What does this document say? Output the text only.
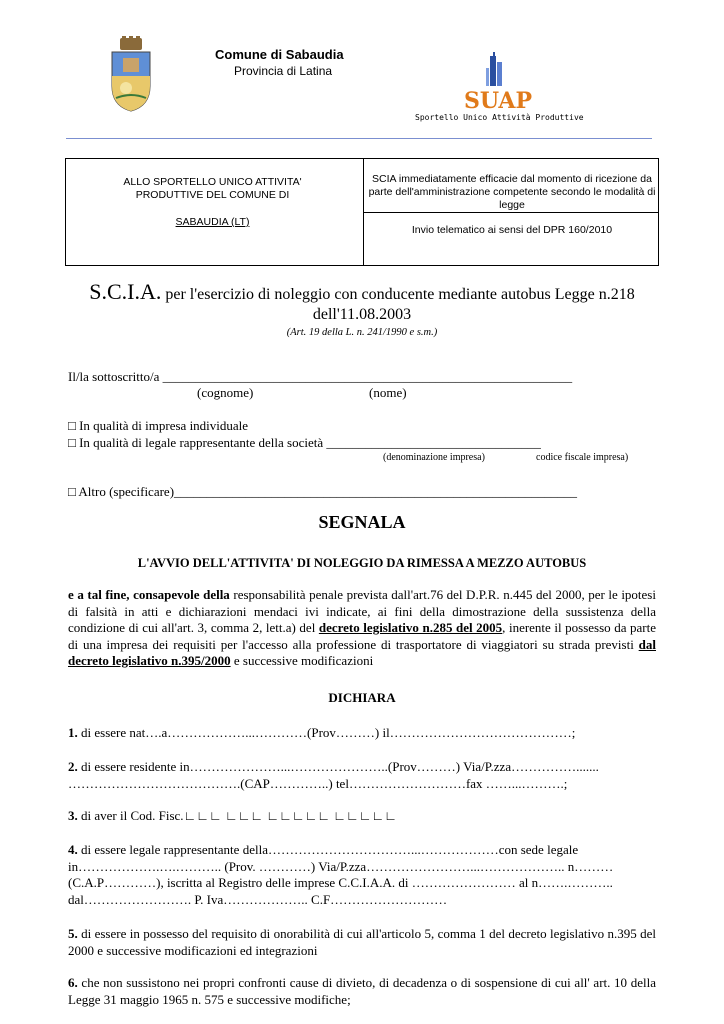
Comune di Sabaudia
Provincia di Latina
SUAP
Sportello Unico Attività Produttive
ALLO SPORTELLO UNICO ATTIVITA' PRODUTTIVE DEL COMUNE DI
SABAUDIA (LT)
SCIA immediatamente efficacie dal momento di ricezione da parte dell'amministrazione competente secondo le modalità di legge
Invio telematico ai sensi del DPR 160/2010
S.C.I.A. per l'esercizio di noleggio con conducente mediante autobus Legge n.218 dell'11.08.2003
(Art. 19 della L. n. 241/1990 e s.m.)
Il/la sottoscritto/a _______________________________________________________________
(cognome)	(nome)
□ In qualità di impresa individuale
□ In qualità di legale rappresentante della società _________________________________
(denominazione impresa)	codice fiscale impresa)
□ Altro (specificare)______________________________________________________________
SEGNALA
L'AVVIO DELL'ATTIVITA' DI NOLEGGIO DA RIMESSA A MEZZO AUTOBUS
e a tal fine, consapevole della responsabilità penale prevista dall'art.76 del D.P.R. n.445 del 2000, per le ipotesi di falsità in atti e dichiarazioni mendaci ivi indicate, ai fini della dimostrazione della sussistenza della condizione di cui all'art. 3, comma 2, lett.a) del decreto legislativo n.285 del 2005, inerente il possesso da parte di una impresa dei requisiti per l'accesso alla professione di trasportatore di viaggiatori su strada previsti dal decreto legislativo n.395/2000 e successive modificazioni
DICHIARA
1. di essere nat….a………………...…………(Prov………) il……………………………………;
2. di essere residente in…………………...…………………..(Prov………) Via/P.zza……………....... ………………………………….(CAP…………..) tel………………………fax ……...……….;
3. di aver il Cod. Fisc.∟∟∟ ∟∟∟ ∟∟∟∟∟ ∟∟∟∟∟
4. di essere legale rappresentante della……………………………...………………con sede legale in……………….….……….. (Prov. …………) Via/P.zza……………………...……………….. n……… (C.A.P…………), iscritta al Registro delle imprese C.C.I.A.A. di …………………… al n…….……….. dal……………………. P. Iva……………….. C.F………………………
5. di essere in possesso del requisito di onorabilità di cui all'articolo 5, comma 1 del decreto legislativo n.395 del 2000 e successive modificazioni ed integrazioni
6. che non sussistono nei propri confronti cause di divieto, di decadenza o di sospensione di cui all' art. 10 della Legge 31 maggio 1965 n. 575 e successive modifiche;
